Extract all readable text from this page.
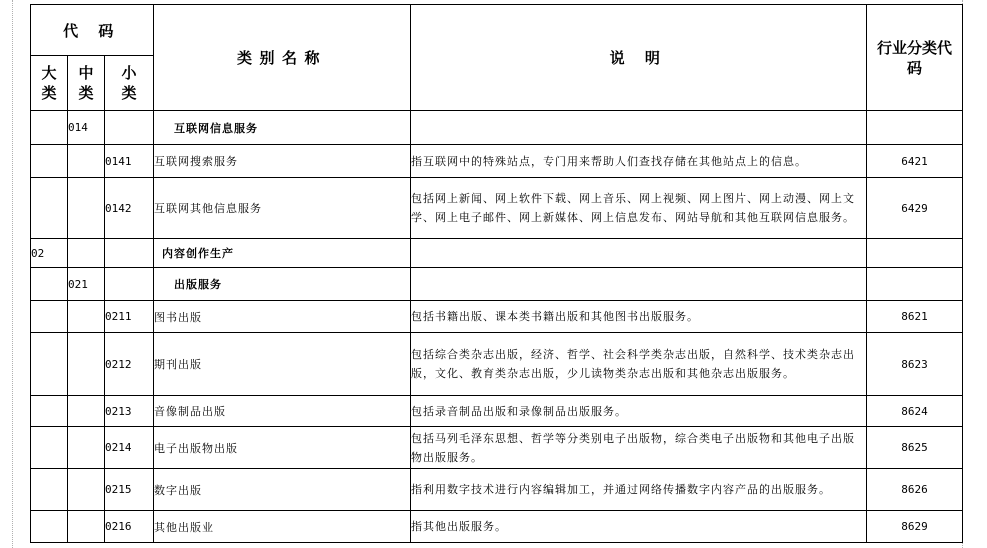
代 码			类别名称	说 明	行业分类代码
大类	中类	小类			
	014		互联网信息服务		
		0141	互联网搜索服务	指互联网中的特殊站点，专门用来帮助人们查找存储在其他站点上的信息。	6421
		0142	互联网其他信息服务	包括网上新闻、网上软件下载、网上音乐、网上视频、网上图片、网上动漫、网上文学、网上电子邮件、网上新媒体、网上信息发布、网站导航和其他互联网信息服务。	6429
02			内容创作生产		
	021		出版服务		
		0211	图书出版	包括书籍出版、课本类书籍出版和其他图书出版服务。	8621
		0212	期刊出版	包括综合类杂志出版，经济、哲学、社会科学类杂志出版，自然科学、技术类杂志出版，文化、教育类杂志出版，少儿读物类杂志出版和其他杂志出版服务。	8623
		0213	音像制品出版	包括录音制品出版和录像制品出版服务。	8624
		0214	电子出版物出版	包括马列毛泽东思想、哲学等分类别电子出版物，综合类电子出版物和其他电子出版物出版服务。	8625
		0215	数字出版	指利用数字技术进行内容编辑加工，并通过网络传播数字内容产品的出版服务。	8626
		0216	其他出版业	指其他出版服务。	8629
